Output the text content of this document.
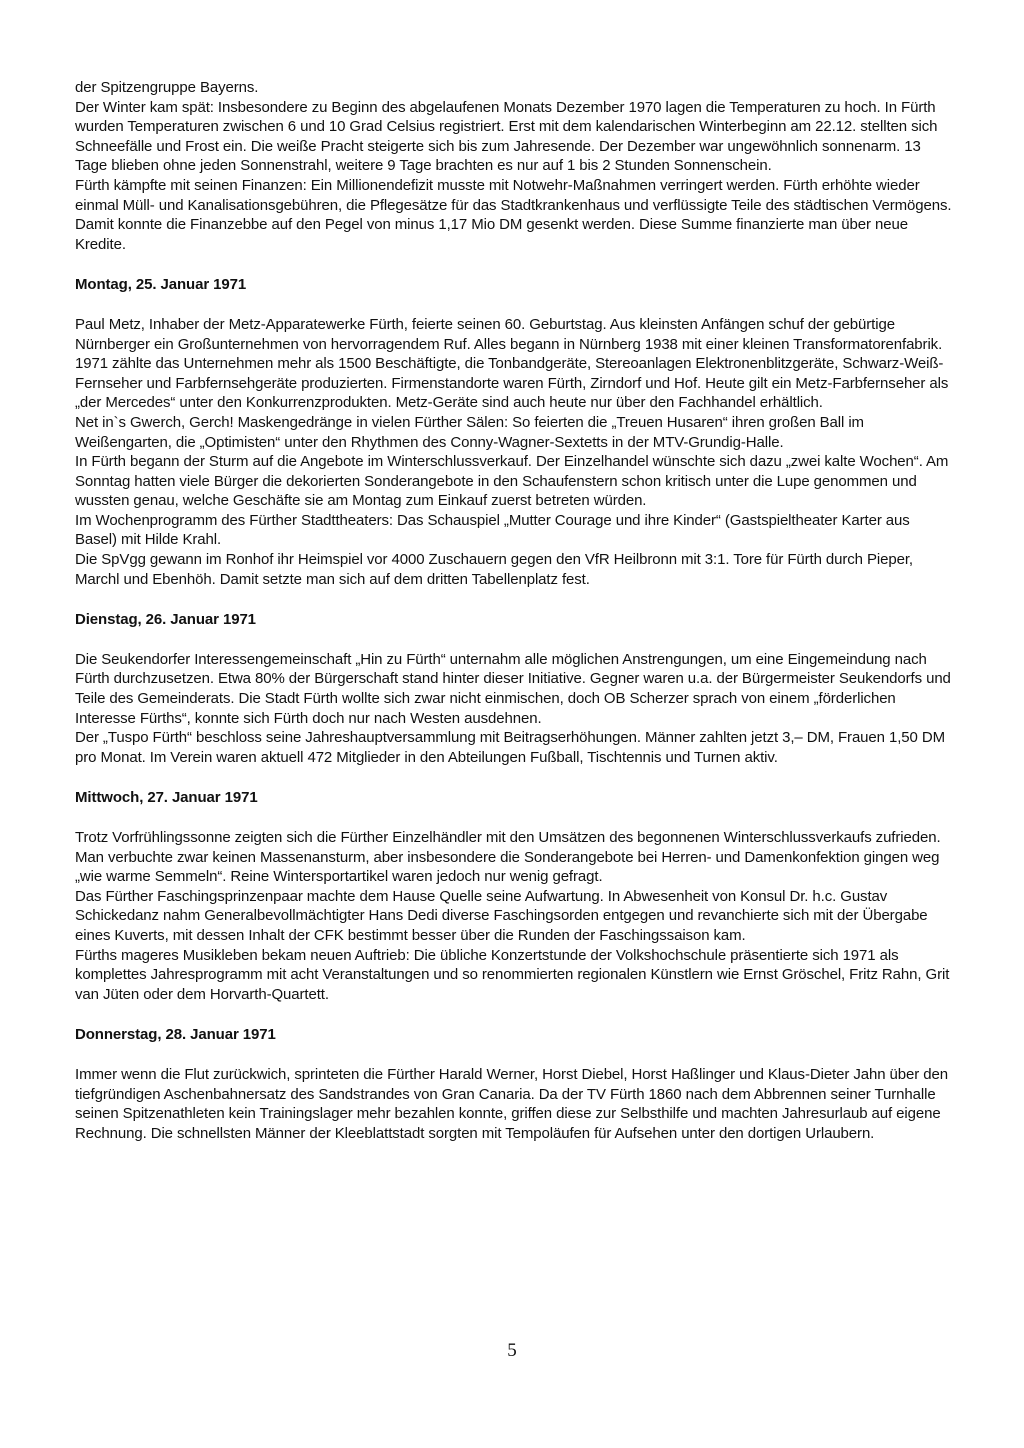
der Spitzengruppe Bayerns.

Der Winter kam spät: Insbesondere zu Beginn des abgelaufenen Monats Dezember 1970 lagen die Temperaturen zu hoch. In Fürth wurden Temperaturen zwischen 6 und 10 Grad Celsius registriert. Erst mit dem kalendarischen Winterbeginn am 22.12. stellten sich Schneefälle und Frost ein. Die weiße Pracht steigerte sich bis zum Jahresende. Der Dezember war ungewöhnlich sonnenarm. 13 Tage blieben ohne jeden Sonnenstrahl, weitere 9 Tage brachten es nur auf 1 bis 2 Stunden Sonnenschein.

Fürth kämpfte mit seinen Finanzen: Ein Millionendefizit musste mit Notwehr-Maßnahmen verringert werden. Fürth erhöhte wieder einmal Müll- und Kanalisationsgebühren, die Pflegesätze für das Stadtkrankenhaus und verflüssigte Teile des städtischen Vermögens. Damit konnte die Finanzebbe auf den Pegel von minus 1,17 Mio DM gesenkt werden. Diese Summe finanzierte man über neue Kredite.

Montag, 25. Januar 1971

Paul Metz, Inhaber der Metz-Apparatewerke Fürth, feierte seinen 60. Geburtstag. Aus kleinsten Anfängen schuf der gebürtige Nürnberger ein Großunternehmen von hervorragendem Ruf. Alles begann in Nürnberg 1938 mit einer kleinen Transformatorenfabrik. 1971 zählte das Unternehmen mehr als 1500 Beschäftigte, die Tonbandgeräte, Stereoanlagen Elektronenblitzgeräte, Schwarz-Weiß-Fernseher und Farbfernsehgeräte produzierten. Firmenstandorte waren Fürth, Zirndorf und Hof. Heute gilt ein Metz-Farbfernseher als „der Mercedes“ unter den Konkurrenzprodukten. Metz-Geräte sind auch heute nur über den Fachhandel erhältlich.

Net in`s Gwerch, Gerch! Maskengedränge in vielen Fürther Sälen: So feierten die „Treuen Husaren“ ihren großen Ball im Weißengarten, die „Optimisten“ unter den Rhythmen des Conny-Wagner-Sextetts in der MTV-Grundig-Halle.

In Fürth begann der Sturm auf die Angebote im Winterschlussverkauf. Der Einzelhandel wünschte sich dazu „zwei kalte Wochen“. Am Sonntag hatten viele Bürger die dekorierten Sonderangebote in den Schaufenstern schon kritisch unter die Lupe genommen und wussten genau, welche Geschäfte sie am Montag zum Einkauf zuerst betreten würden.

Im Wochenprogramm des Fürther Stadttheaters: Das Schauspiel „Mutter Courage und ihre Kinder“ (Gastspieltheater Karter aus Basel) mit Hilde Krahl.

Die SpVgg gewann im Ronhof ihr Heimspiel vor 4000 Zuschauern gegen den VfR Heilbronn mit 3:1. Tore für Fürth durch Pieper, Marchl und Ebenhöh. Damit setzte man sich auf dem dritten Tabellenplatz fest.

Dienstag, 26. Januar 1971

Die Seukendorfer Interessengemeinschaft „Hin zu Fürth“ unternahm alle möglichen Anstrengungen, um eine Eingemeindung nach Fürth durchzusetzen. Etwa 80% der Bürgerschaft stand hinter dieser Initiative. Gegner waren u.a. der Bürgermeister Seukendorfs und Teile des Gemeinderats. Die Stadt Fürth wollte sich zwar nicht einmischen, doch OB Scherzer sprach von einem „förderlichen Interesse Fürths“, konnte sich Fürth doch nur nach Westen ausdehnen.

Der „Tuspo Fürth“ beschloss seine Jahreshauptversammlung mit Beitragserhöhungen. Männer zahlten jetzt 3,– DM, Frauen 1,50 DM pro Monat. Im Verein waren aktuell 472 Mitglieder in den Abteilungen Fußball, Tischtennis und Turnen aktiv.

Mittwoch, 27. Januar 1971

Trotz Vorfrühlingssonne zeigten sich die Fürther Einzelhändler mit den Umsätzen des begonnenen Winterschlussverkaufs zufrieden. Man verbuchte zwar keinen Massenansturm, aber insbesondere die Sonderangebote bei Herren- und Damenkonfektion gingen weg „wie warme Semmeln“. Reine Wintersportartikel waren jedoch nur wenig gefragt.

Das Fürther Faschingsprinzenpaar machte dem Hause Quelle seine Aufwartung. In Abwesenheit von Konsul Dr. h.c. Gustav Schickedanz nahm Generalbevollmächtigter Hans Dedi diverse Faschingsorden entgegen und revanchierte sich mit der Übergabe eines Kuverts, mit dessen Inhalt der CFK bestimmt besser über die Runden der Faschingssaison kam.

Fürths mageres Musikleben bekam neuen Auftrieb: Die übliche Konzertstunde der Volkshochschule präsentierte sich 1971 als komplettes Jahresprogramm mit acht Veranstaltungen und so renommierten regionalen Künstlern wie Ernst Gröschel, Fritz Rahn, Grit van Jüten oder dem Horvarth-Quartett.

Donnerstag, 28. Januar 1971

Immer wenn die Flut zurückwich, sprinteten die Fürther Harald Werner, Horst Diebel, Horst Haßlinger und Klaus-Dieter Jahn über den tiefgründigen Aschenbahnersatz des Sandstrandes von Gran Canaria. Da der TV Fürth 1860 nach dem Abbrennen seiner Turnhalle seinen Spitzenathleten kein Trainingslager mehr bezahlen konnte, griffen diese zur Selbsthilfe und machten Jahresurlaub auf eigene Rechnung. Die schnellsten Männer der Kleeblattstadt sorgten mit Tempoläufen für Aufsehen unter den dortigen Urlaubern.

5
